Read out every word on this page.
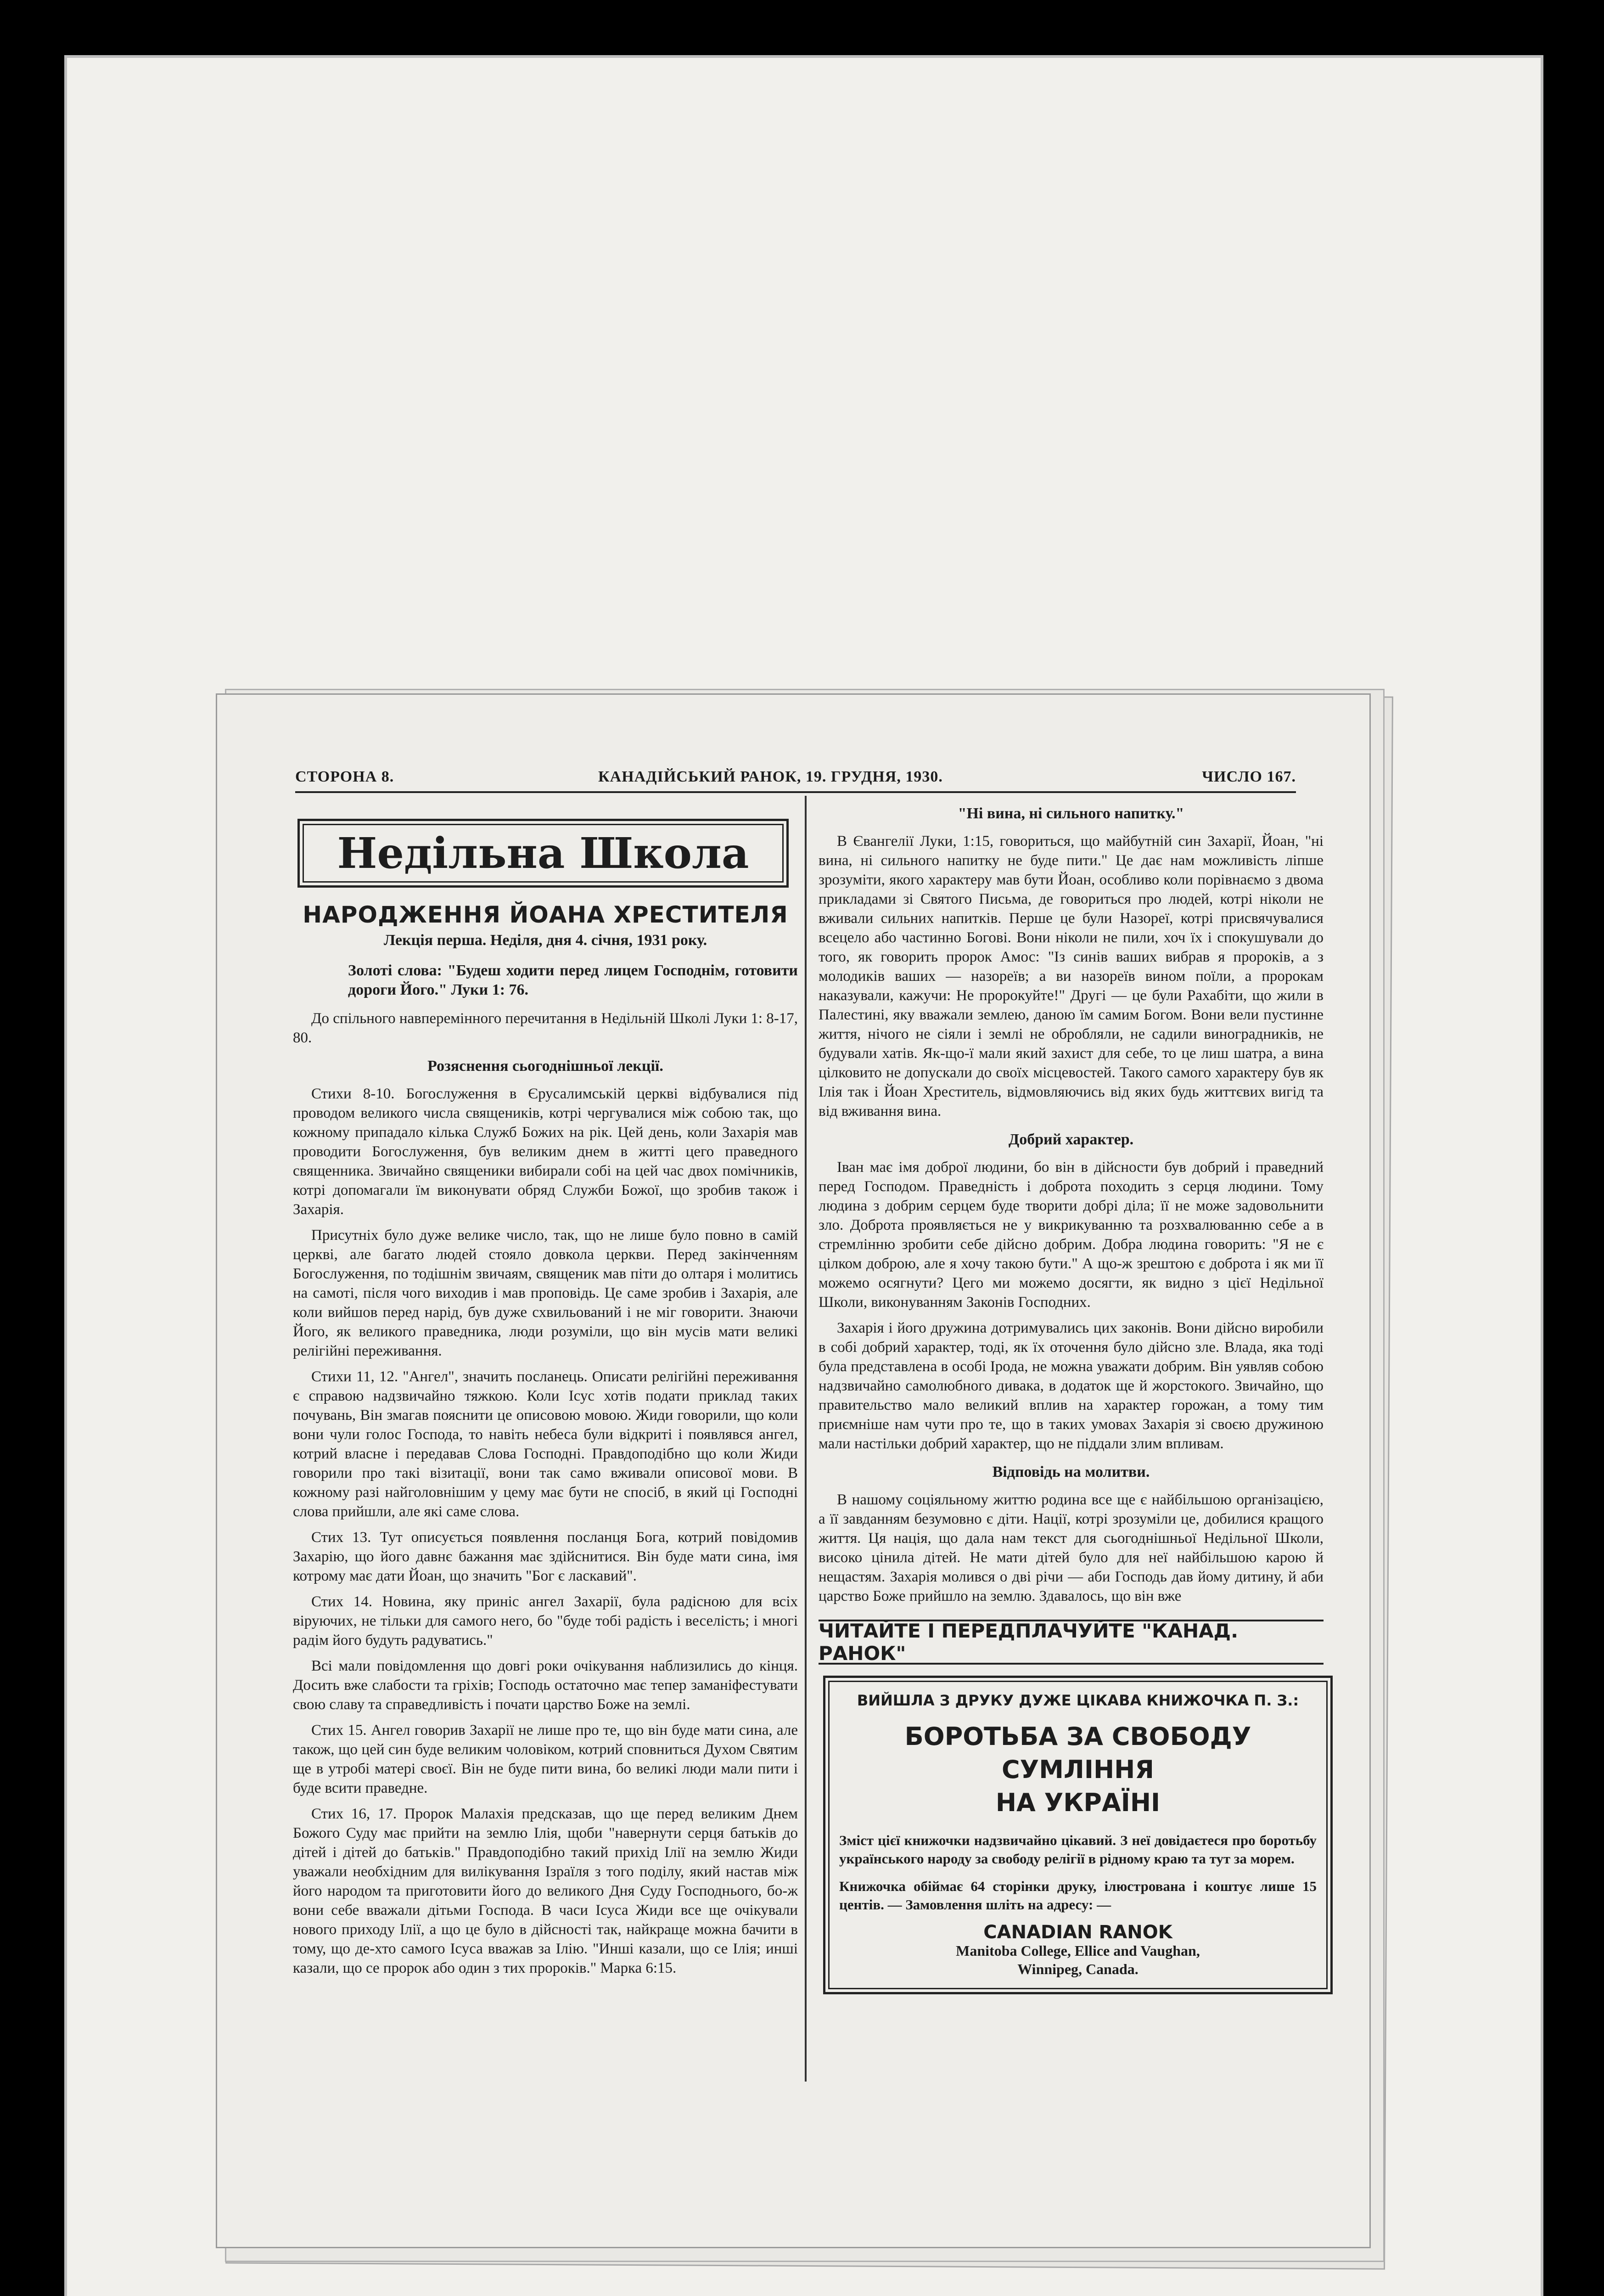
СТОРОНА 8.	КАНАДІЙСЬКИЙ РАНОК, 19. ГРУДНЯ, 1930.	ЧИСЛО 167.
Недільна Школа
НАРОДЖЕННЯ ЙОАНА ХРЕСТИТЕЛЯ
Лекція перша. Неділя, дня 4. січня, 1931 року.
Золоті слова: "Будеш ходити перед лицем Господнім, готовити дороги Його." Луки 1: 76.

До спільного навперемінного перечитання в Недільній Школі Луки 1: 8-17, 80.

Розяснення сьогоднішньої лекції.

Стихи 8-10. Богослуження в Єрусалимській церкві відбувалися під проводом великого числа священиків, котрі чергувалися між собою так, що кожному припадало кілька Служб Божих на рік. Цей день, коли Захарія мав проводити Богослуження, був великим днем в житті цего праведного священника. Звичайно священики вибирали собі на цей час двох помічників, котрі допомагали їм виконувати обряд Служби Божої, що зробив також і Захарія.

Присутніх було дуже велике число, так, що не лише було повно в самій церкві, але багато людей стояло довкола церкви. Перед закінченням Богослуження, по тодішнім звичаям, священик мав піти до олтаря і молитись на самоті, після чого виходив і мав проповідь. Це саме зробив і Захарія, але коли вийшов перед нарід, був дуже схвильований і не міг говорити. Знаючи Його, як великого праведника, люди розуміли, що він мусів мати великі релігійні переживання.

Стихи 11, 12. "Ангел", значить посланець. Описати релігійні переживання є справою надзвичайно тяжкою. Коли Ісус хотів подати приклад таких почувань, Він змагав пояснити це описовою мовою. Жиди говорили, що коли вони чули голос Господа, то навіть небеса були відкриті і появлявся ангел, котрий власне і передавав Слова Господні. Правдоподібно що коли Жиди говорили про такі візитації, вони так само вживали описової мови. В кожному разі найголовнішим у цему має бути не спосіб, в який ці Господні слова прийшли, але які саме слова.

Стих 13. Тут описується появлення посланця Бога, котрий повідомив Захарію, що його давнє бажання має здійснитися. Він буде мати сина, імя котрому має дати Йоан, що значить "Бог є ласкавий".

Стих 14. Новина, яку приніс ангел Захарії, була радісною для всіх віруючих, не тільки для самого него, бо "буде тобі радість і веселість; і многі радім його будуть радуватись."

Всі мали повідомлення що довгі роки очікування наблизились до кінця. Досить вже слабости та гріхів; Господь остаточно має тепер заманіфестувати свою славу та справедливість і почати царство Боже на землі.

Стих 15. Ангел говорив Захарії не лише про те, що він буде мати сина, але також, що цей син буде великим чоловіком, котрий сповниться Духом Святим ще в утробі матері своєї. Він не буде пити вина, бо великі люди мали пити і буде всити праведне.

Стих 16, 17. Пророк Малахія предсказав, що ще перед великим Днем Божого Суду має прийти на землю Ілія, щоби "навернути серця батьків до дітей і дітей до батьків." Правдоподібно такий прихід Ілії на землю Жиди уважали необхідним для вилікування Ізраїля з того подiлу, який настав між його народом та приготовити його до великого Дня Суду Господнього, бо-ж вони себе вважали дітьми Господа. В часи Ісуса Жиди все ще очікували нового приходу Ілії, а що це було в дійсності так, найкраще можна бачити в тому, що де-хто самого Ісуса вважав за Ілію. "Инші казали, що се Ілія; инші казали, що се пророк або один з тих пророків." Марка 6:15.

"Ні вина, ні сильного напитку."

В Євангелії Луки, 1:15, говориться, що майбутній син Захарії, Йоан, "ні вина, ні сильного напитку не буде пити." Це дає нам можливість ліпше зрозуміти, якого характеру мав бути Йоан, особливо коли порівнаємо з двома прикладами зі Святого Письма, де говориться про людей, котрі ніколи не вживали сильних напитків. Перше це були Назореї, котрі присвячувалися всецело або частинно Богові. Вони ніколи не пили, хоч їх і спокушували до того, як говорить пророк Амос: "Із синів ваших вибрав я пророків, а з молодиків ваших — назореїв; а ви назореїв вином поїли, а пророкам наказували, кажучи: Не пророкуйте!" Другі — це були Рахабіти, що жили в Палестині, яку вважали землею, даною їм самим Богом. Вони вели пустинне життя, нічого не сіяли і землі не обробляли, не садили виноградників, не будували хатів. Як-що-ї мали який захист для себе, то це лиш шатра, а вина цілковито не допускали до своїх місцевостей. Такого самого характеру був як Ілія так і Йоан Хреститель, відмовляючись від яких будь життєвих вигід та від вживання вина.

Добрий характер.

Іван має імя доброї людини, бо він в дійсности був добрий і праведний перед Господом. Праведність і доброта походить з серця людини. Тому людина з добрим серцем буде творити добрі діла; її не може задовольнити зло. Доброта проявляється не у викрикуванню та розхвалюванню себе а в стремлінню зробити себе дійсно добрим. Добра людина говорить: "Я не є цілком доброю, але я хочу такою бути." А що-ж зрештою є доброта і як ми її можемо осягнути? Цего ми можемо досягти, як видно з цієї Недільної Школи, виконуванням Законів Господних.

Захарія і його дружина дотримувались цих законів. Вони дійсно виробили в собі добрий характер, тоді, як їх оточення було дійсно зле. Влада, яка тоді була представлена в особі Ірода, не можна уважати добрим. Він уявляв собою надзвичайно самолюбного дивака, в додаток ще й жорстокого. Звичайно, що правительство мало великий вплив на характер горожан, а тому тим приємніше нам чути про те, що в таких умовах Захарія зі своєю дружиною мали настільки добрий характер, що не піддали злим впливам.

Відповідь на молитви.

В нашому соціяльному життю родина все ще є найбільшою організацією, а її завданням безумовно є діти. Нації, котрі зрозуміли це, добилися кращого життя. Ця нація, що дала нам текст для сьогоднішньої Недільної Школи, високо цінила дітей. Не мати дітей було для неї найбільшою карою й нещастям. Захарія молився о дві річи — аби Господь дав йому дитину, й аби царство Боже прийшло на землю. Здавалось, що він вже

ЧИТАЙТЕ І ПЕРЕДПЛАЧУЙТЕ "КАНАД. РАНОК"
ВИЙШЛА З ДРУКУ ДУЖЕ ЦІКАВА КНИЖОЧКА П. З.:
БОРОТЬБА ЗА СВОБОДУ СУМЛІННЯ
НА УКРАЇНІ

Зміст цієї книжочки надзвичайно цікавий. З неї довідаєтеся про боротьбу українського народу за свободу релігії в рідному краю та тут за морем.

Книжочка обіймає 64 сторінки друку, ілюстрована і коштує лише 15 центів. — Замовлення шліть на адресу: —

CANADIAN RANOK
Manitoba College, Ellice and Vaughan,
Winnipeg, Canada.
